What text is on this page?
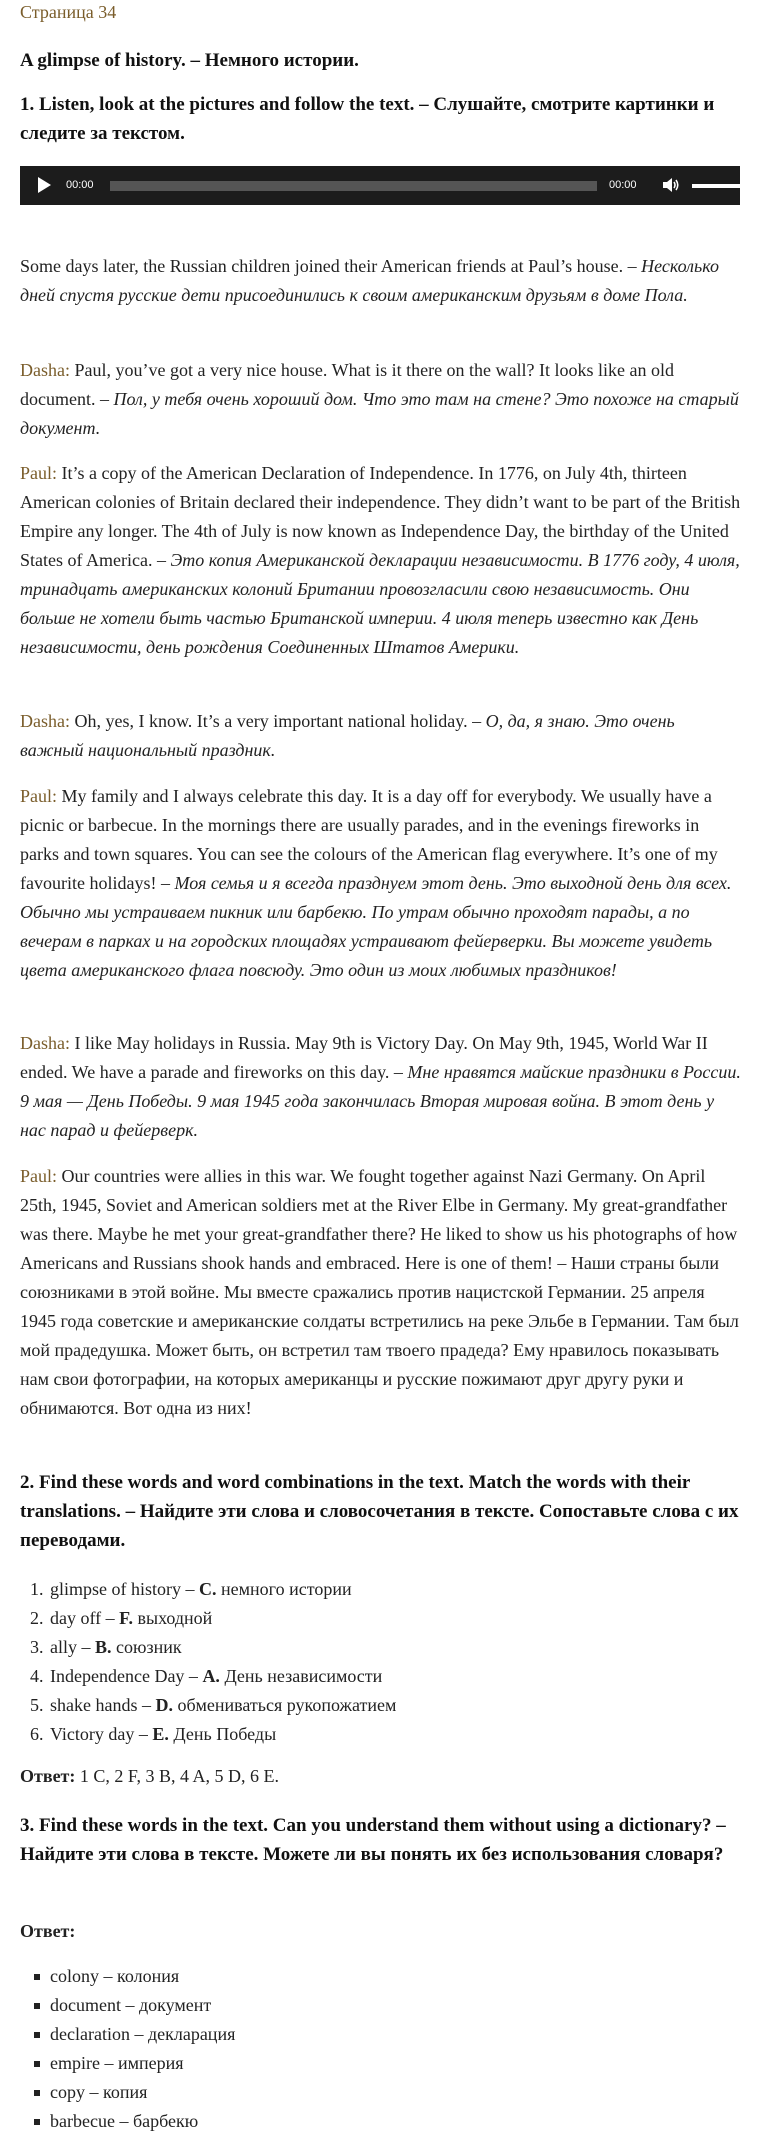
Страница 34
A glimpse of history. – Немного истории.
1. Listen, look at the pictures and follow the text. – Слушайте, смотрите картинки и следите за текстом.
00:00	00:00

Some days later, the Russian children joined their American friends at Paul’s house. – Несколько дней спустя русские дети присоединились к своим американским друзьям в доме Пола.

Dasha: Paul, you’ve got a very nice house. What is it there on the wall? It looks like an old document. – Пол, у тебя очень хороший дом. Что это там на стене? Это похоже на старый документ.

Paul: It’s a copy of the American Declaration of Independence. In 1776, on July 4th, thirteen American colonies of Britain declared their independence. They didn’t want to be part of the British Empire any longer. The 4th of July is now known as Independence Day, the birthday of the United States of America. – Это копия Американской декларации независимости. В 1776 году, 4 июля, тринадцать американских колоний Британии провозгласили свою независимость. Они больше не хотели быть частью Британской империи. 4 июля теперь известно как День независимости, день рождения Соединенных Штатов Америки.

Dasha: Oh, yes, I know. It’s a very important national holiday. – О, да, я знаю. Это очень важный национальный праздник.

Paul: My family and I always celebrate this day. It is a day off for everybody. We usually have a picnic or barbecue. In the mornings there are usually parades, and in the evenings fireworks in parks and town squares. You can see the colours of the American flag everywhere. It’s one of my favourite holidays! – Моя семья и я всегда празднуем этот день. Это выходной день для всех. Обычно мы устраиваем пикник или барбекю. По утрам обычно проходят парады, а по вечерам в парках и на городских площадях устраивают фейерверки. Вы можете увидеть цвета американского флага повсюду. Это один из моих любимых праздников!

Dasha: I like May holidays in Russia. May 9th is Victory Day. On May 9th, 1945, World War II ended. We have a parade and fireworks on this day. – Мне нравятся майские праздники в России. 9 мая — День Победы. 9 мая 1945 года закончилась Вторая мировая война. В этот день у нас парад и фейерверк.

Paul: Our countries were allies in this war. We fought together against Nazi Germany. On April 25th, 1945, Soviet and American soldiers met at the River Elbe in Germany. My great-grandfather was there. Maybe he met your great-grandfather there? He liked to show us his photographs of how Americans and Russians shook hands and embraced. Here is one of them! – Наши страны были союзниками в этой войне. Мы вместе сражались против нацистской Германии. 25 апреля 1945 года советские и американские солдаты встретились на реке Эльбе в Германии. Там был мой прадедушка. Может быть, он встретил там твоего прадеда? Ему нравилось показывать нам свои фотографии, на которых американцы и русские пожимают друг другу руки и обнимаются. Вот одна из них!

2. Find these words and word combinations in the text. Match the words with their translations. – Найдите эти слова и словосочетания в тексте. Сопоставьте слова с их переводами.
1. glimpse of history – C. немного истории
2. day off – F. выходной
3. ally – B. союзник
4. Independence Day – A. День независимости
5. shake hands – D. обмениваться рукопожатием
6. Victory day – E. День Победы

Ответ: 1 C, 2 F, 3 B, 4 A, 5 D, 6 E.

3. Find these words in the text. Can you understand them without using a dictionary? – Найдите эти слова в тексте. Можете ли вы понять их без использования словаря?

Ответ:

colony – колония
document – документ
declaration – декларация
empire – империя
copy – копия
barbecue – барбекю
